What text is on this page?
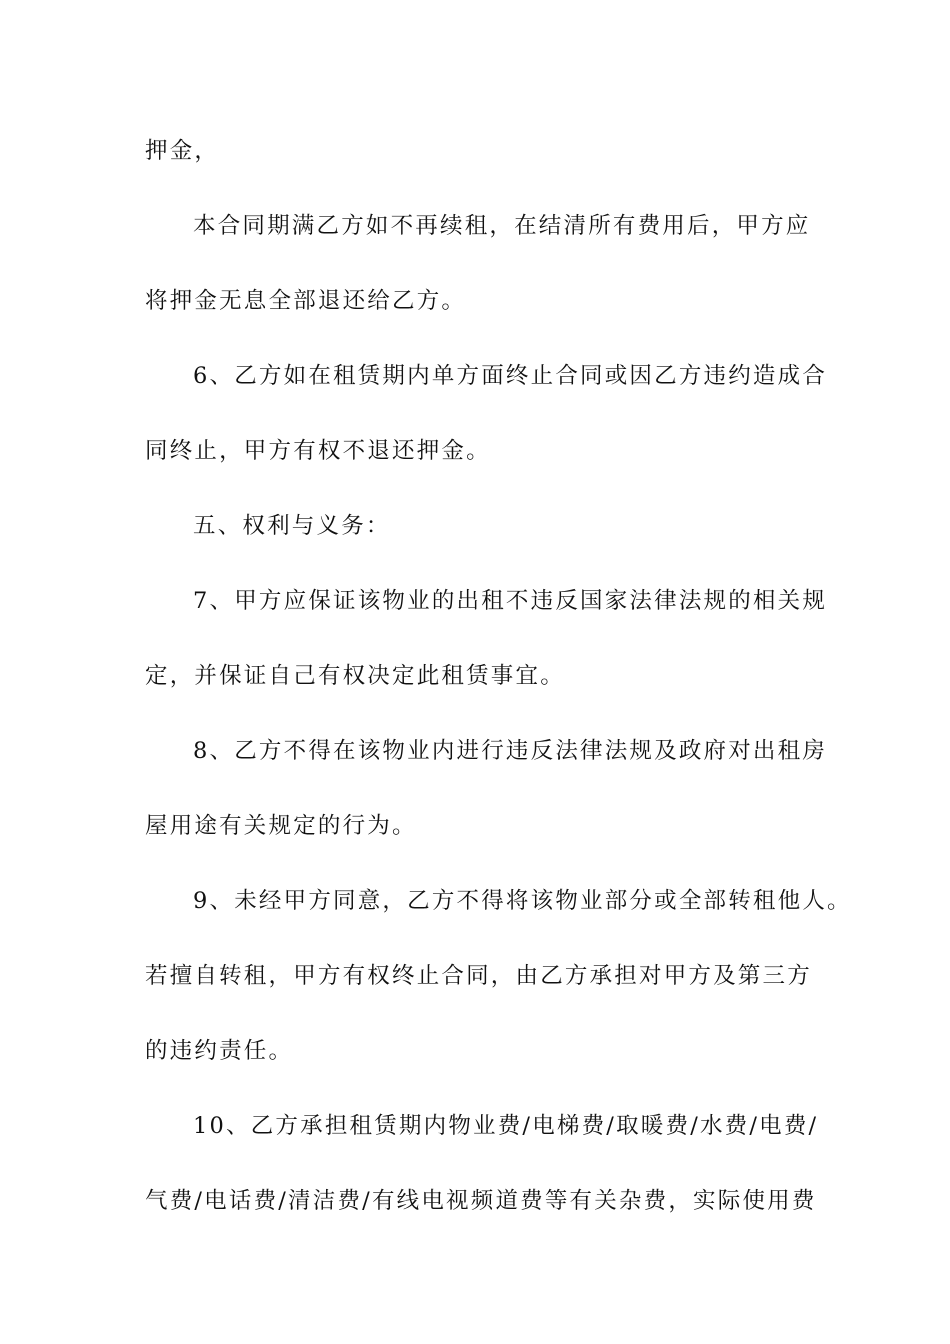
押金，

本合同期满乙方如不再续租，在结清所有费用后，甲方应

将押金无息全部退还给乙方。

6、乙方如在租赁期内单方面终止合同或因乙方违约造成合

同终止，甲方有权不退还押金。

五、权利与义务：

7、甲方应保证该物业的出租不违反国家法律法规的相关规

定，并保证自己有权决定此租赁事宜。

8、乙方不得在该物业内进行违反法律法规及政府对出租房

屋用途有关规定的行为。

9、未经甲方同意，乙方不得将该物业部分或全部转租他人。

若擅自转租，甲方有权终止合同，由乙方承担对甲方及第三方

的违约责任。

10、乙方承担租赁期内物业费/电梯费/取暖费/水费/电费/

气费/电话费/清洁费/有线电视频道费等有关杂费，实际使用费
